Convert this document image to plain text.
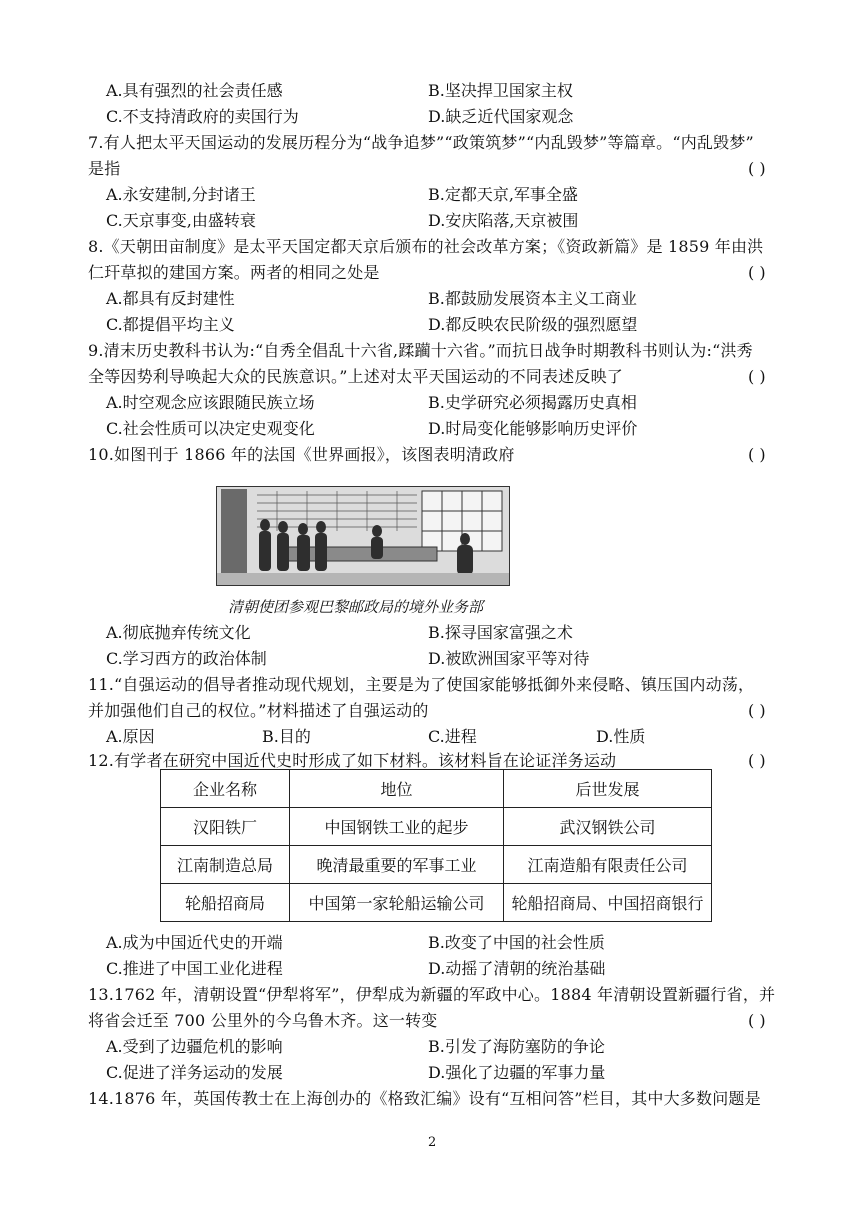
A.具有强烈的社会责任感	B.坚决捍卫国家主权
C.不支持清政府的卖国行为	D.缺乏近代国家观念
7.有人把太平天国运动的发展历程分为“战争追梦”“政策筑梦”“内乱毁梦”等篇章。“内乱毁梦”
是指	( )
A.永安建制,分封诸王	B.定都天京,军事全盛
C.天京事变,由盛转衰	D.安庆陷落,天京被围
8.《天朝田亩制度》是太平天国定都天京后颁布的社会改革方案；《资政新篇》是 1859 年由洪
仁玕草拟的建国方案。两者的相同之处是	( )
A.都具有反封建性	B.都鼓励发展资本主义工商业
C.都提倡平均主义	D.都反映农民阶级的强烈愿望
9.清末历史教科书认为:“自秀全倡乱十六省,蹂躏十六省。”而抗日战争时期教科书则认为:“洪秀
全等因势利导唤起大众的民族意识。”上述对太平天国运动的不同表述反映了	( )
A.时空观念应该跟随民族立场	B.史学研究必须揭露历史真相
C.社会性质可以决定史观变化	D.时局变化能够影响历史评价
10.如图刊于 1866 年的法国《世界画报》，该图表明清政府	( )
清朝使团参观巴黎邮政局的境外业务部
A.彻底抛弃传统文化	B.探寻国家富强之术
C.学习西方的政治体制	D.被欧洲国家平等对待
11.“自强运动的倡导者推动现代规划，主要是为了使国家能够抵御外来侵略、镇压国内动荡，
并加强他们自己的权位。”材料描述了自强运动的	( )
A.原因	B.目的	C.进程	D.性质
12.有学者在研究中国近代史时形成了如下材料。该材料旨在论证洋务运动	( )
企业名称	地位	后世发展
汉阳铁厂	中国钢铁工业的起步	武汉钢铁公司
江南制造总局	晚清最重要的军事工业	江南造船有限责任公司
轮船招商局	中国第一家轮船运输公司	轮船招商局、中国招商银行
A.成为中国近代史的开端	B.改变了中国的社会性质
C.推进了中国工业化进程	D.动摇了清朝的统治基础
13.1762 年，清朝设置“伊犁将军”，伊犁成为新疆的军政中心。1884 年清朝设置新疆行省，并
将省会迁至 700 公里外的今乌鲁木齐。这一转变	( )
A.受到了边疆危机的影响	B.引发了海防塞防的争论
C.促进了洋务运动的发展	D.强化了边疆的军事力量
14.1876 年，英国传教士在上海创办的《格致汇编》设有“互相问答”栏目，其中大多数问题是
2
